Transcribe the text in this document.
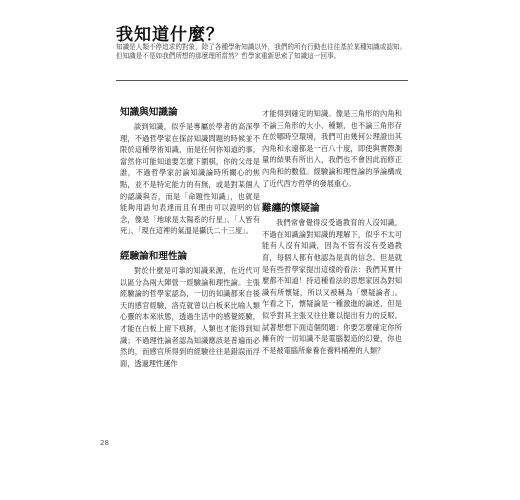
我知道什麼？

知識是人類不停追求的對象，除了各種學術知識以外，我們的所有行動也往往基於某種知識或認知。但知識是不是如我們所想的那麼理所當然？哲學家重新思索了知識這一回事。

知識與知識論

談到知識，似乎是專屬於學者的高深學理，不過哲學家在探討知識問題的時候並不限於這種學術知識，而是任何你知道的事。當然你可能知道要怎麼下圍棋，你的父母是誰，不過哲學家討論知識論時所關心的焦點，並不是特定能力的有無，或是對某個人的認識與否，而是「命題性知識」，也就是能夠用語句表達而且有理由可以證明的信念，像是「地球是太陽系的行星」、「人皆有死」、「現在這裡的氣溫是攝氏二十三度」。

經驗論和理性論

對於什麼是可靠的知識來源，在近代可以區分為兩大陣營一經驗論和理性論。主張經驗論的哲學家認為，一切的知識都來自後天的感官經驗，洛克就曾以白板來比喻人類心靈的本來狀態，透過生活中的感覺經驗，才能在白板上留下痕跡，人類也才能得到知識；不過理性論者認為知識應該是普遍而必然的，而感官所得到的經驗往往是錯誤而浮面，透過理性運作

才能得到確定的知識。像是三角形的內角和不論三角形的大小、種類，也不論三角形存在於哪時空環境，我們可由幾何公理證出其內角和永遠都是一百八十度，即使與實際測量的結果有所出入，我們也不會因此而修正內角和的數值。經驗論和理性論的爭論構成了近代西方哲學的發展重心。

難纏的懷疑論

我們常會覺得沒受過教育的人沒知識，不過在知識論對知識的理解下，似乎不太可能有人沒有知識，因為不管有沒有受過教育，每個人都有他認為是真的信念。但是就是有些哲學家提出這樣的看法：我們其實什麼都不知道！持這種看法的思想家因為對知識有所懷疑，所以又被稱為「懷疑論者」。乍看之下，懷疑論是一種激進的論述，但是似乎對其主張又往往難以提出有力的反駁。試著想想下面這個問題：你要怎麼確定你所擁有的一切知識不是電腦製造的幻覺，你也不是被電腦所豢養在養料桶裡的人類？

28
